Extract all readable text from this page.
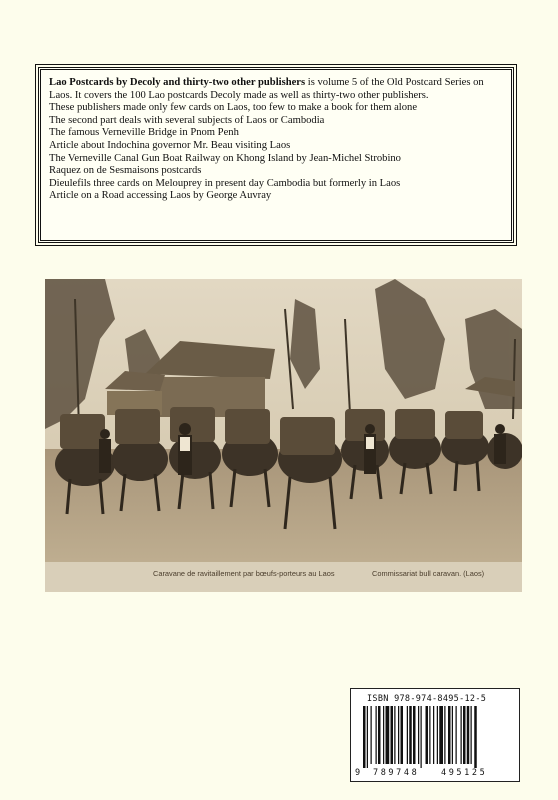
Lao Postcards by Decoly and thirty-two other publishers is volume 5 of the Old Postcard Series on Laos. It covers the 100 Lao postcards Decoly made as well as thirty-two other publishers.

These publishers made only few cards on Laos, too few to make a book for them alone

The second part deals with several subjects of Laos or Cambodia

The famous Verneville Bridge in Pnom Penh

Article about Indochina governor Mr. Beau visiting Laos

The Verneville Canal Gun Boat Railway on Khong Island by Jean-Michel Strobino

Raquez on de Sesmaisons postcards

Dieulefils three cards on Melouprey in present day Cambodia but formerly in Laos

Article on a Road accessing Laos by George Auvray

Caravane de ravitaillement par bœufs-porteurs au Laos	Commissariat bull caravan. (Laos)
ISBN 978-974-8495-12-5
9 789748	495125
